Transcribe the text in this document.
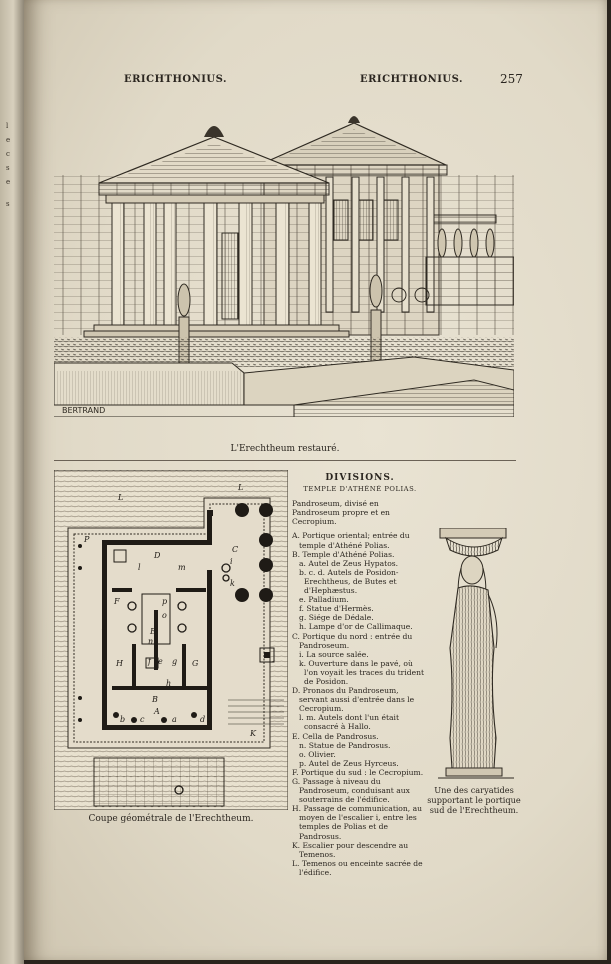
l
e
c
s
e
s
ERICHTHONIUS.	ERICHTHONIUS.	257
BERTRAND
L'Erechtheum restauré.
L
L
P
D
C
l	m
i
k
E
p
o
n
F
f e g
H
h
G
B
b c	a	d
A
K
I
Coupe géométrale de l'Erechtheum.
DIVISIONS.
TEMPLE D'ATHÉNÉ POLIAS.
Pandroseum, divisé en Pandroseum propre et en Cecropium.
A. Portique oriental; entrée du temple d'Athéné Polias.
B. Temple d'Athéné Polias.
a. Autel de Zeus Hypatos.
b. c. d. Autels de Posidon-Erechtheus, de Butes et d'Hephæstus.
e. Palladium.
f. Statue d'Hermès.
g. Siége de Dédale.
h. Lampe d'or de Callimaque.
C. Portique du nord : entrée du Pandroseum.
i. La source salée.
k. Ouverture dans le pavé, où l'on voyait les traces du trident de Posidon.
D. Pronaos du Pandroseum, servant aussi d'entrée dans le Cecropium.
l. m. Autels dont l'un était consacré à Hallo.
E. Cella de Pandrosus.
n. Statue de Pandrosus.
o. Olivier.
p. Autel de Zeus Hyrceus.
F. Portique du sud : le Cecropium.
G. Passage à niveau du Pandroseum, conduisant aux souterrains de l'édifice.
H. Passage de communication, au moyen de l'escalier i, entre les temples de Polias et de Pandrosus.
K. Escalier pour descendre au Temenos.
L. Temenos ou enceinte sacrée de l'édifice.
Une des caryatides supportant le portique sud de l'Erechtheum.
